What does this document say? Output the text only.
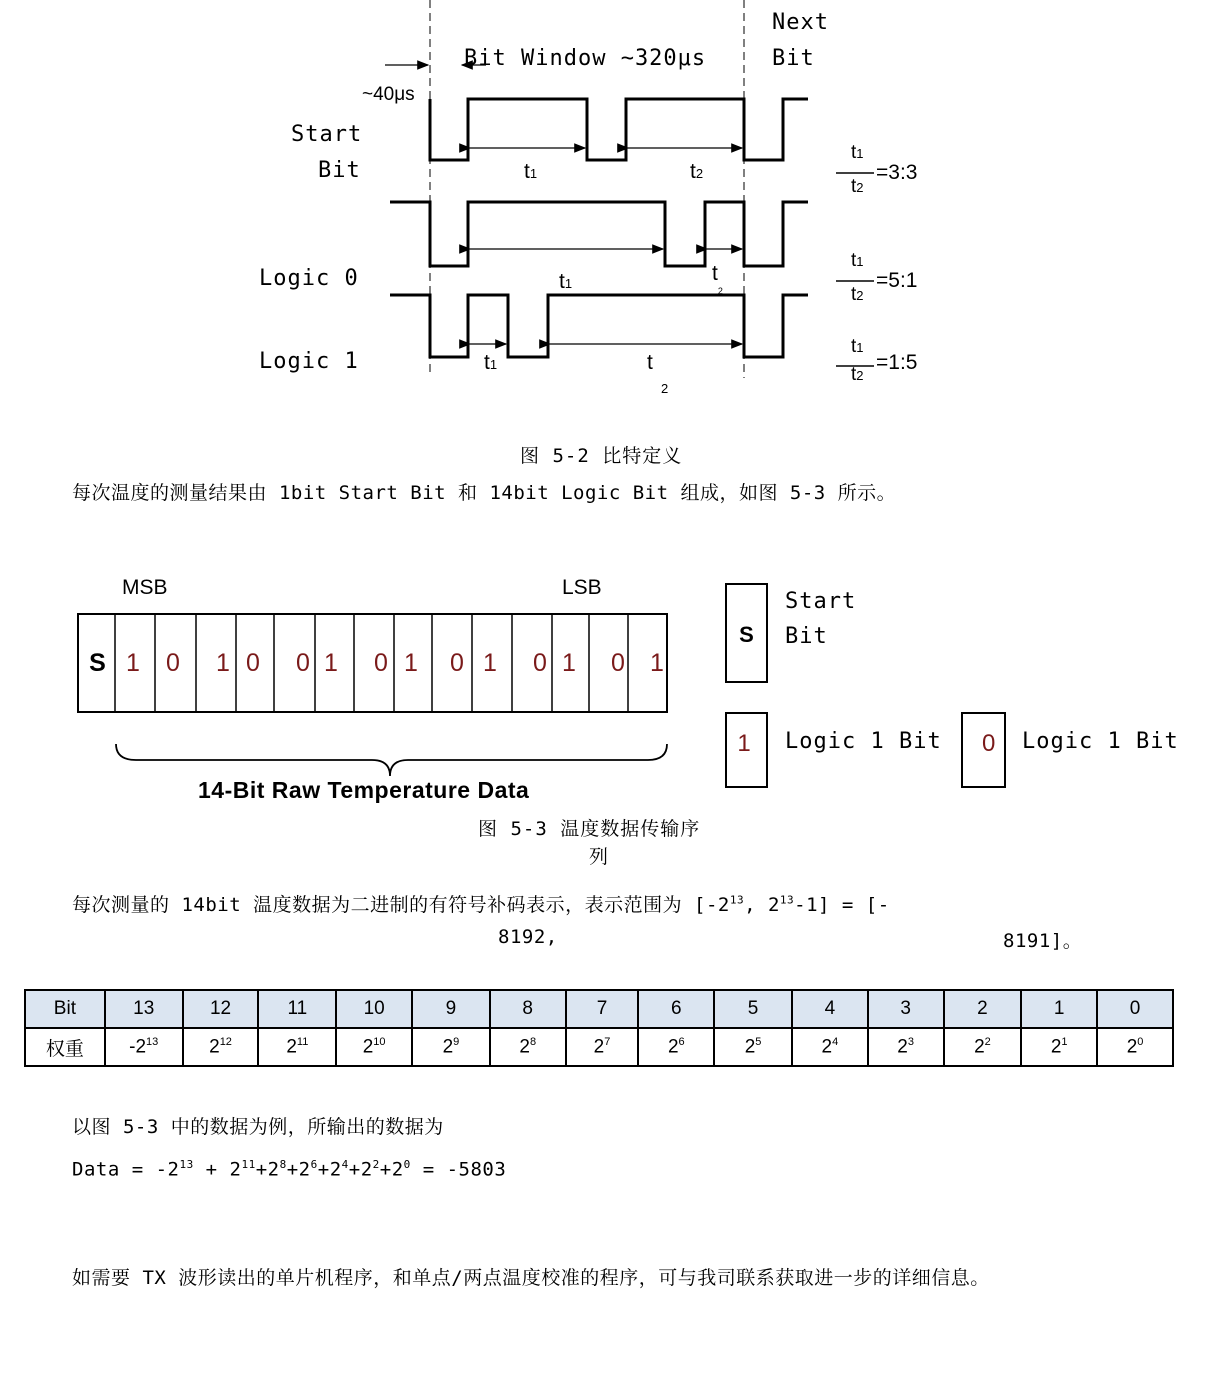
Bit Window ~320μs
Next
Bit
~40μs
Start
Bit
Logic 0
Logic 1
t1	t2
t1	$t_2$
t1	t
2
t1
t2
=3:3
t1
t2
=5:1
t1
t2
=1:5
图 5-2 比特定义
每次温度的测量结果由 1bit Start Bit 和 14bit Logic Bit 组成，如图 5-3 所示。
MSB	LSB
S 1	0	1 0	0 1	0 1	0 1	0 1	0	1
14-Bit Raw Temperature Data
S
Start
Bit
1	Logic 1 Bit 0 Logic 1 Bit
图 5-3 温度数据传输序
列
每次测量的 14bit 温度数据为二进制的有符号补码表示，表示范围为 [$-2^{13}$, $2^{13}-1$] = [-
8192,	8191]。
Bit	13	12	11	10	9	8	7	6	5	4	3	2	1	0
权重	$-2^{13}$	$2^{12}$	$2^{11}$	$2^{10}$	$2^9$	$2^8$	$2^7$	$2^6$	$2^5$	$2^4$	$2^3$	$2^2$	$2^1$	$2^0$
以图 5-3 中的数据为例，所输出的数据为
Data = $-2^{13} + 2^{11}+2^8+2^6+2^4+2^2+2^0 = -5803$
如需要 TX 波形读出的单片机程序，和单点/两点温度校准的程序，可与我司联系获取进一步的详细信息。
